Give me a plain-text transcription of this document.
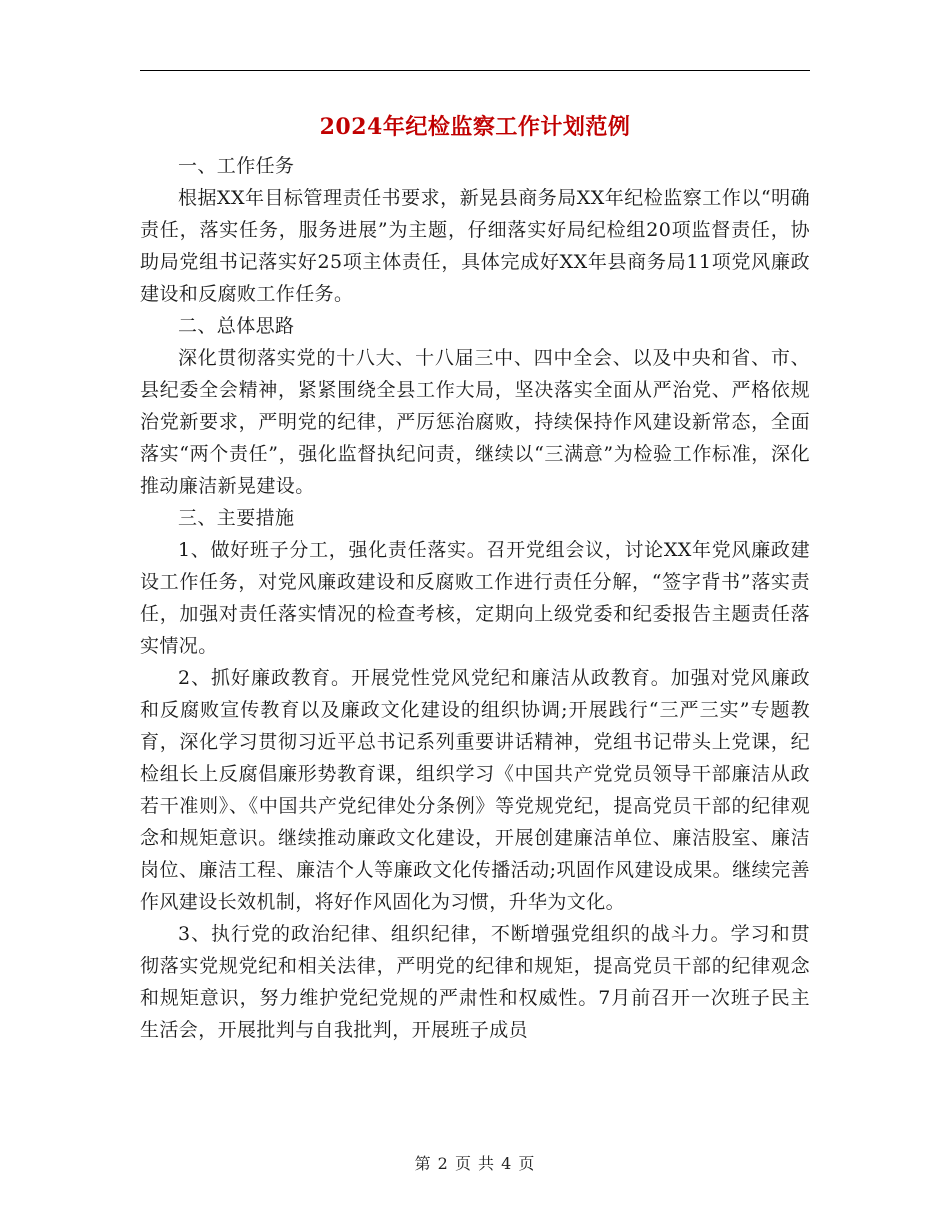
2024年纪检监察工作计划范例

一、工作任务

根据XX年目标管理责任书要求，新晃县商务局XX年纪检监察工作以“明确责任，落实任务，服务进展”为主题，仔细落实好局纪检组20项监督责任，协助局党组书记落实好25项主体责任，具体完成好XX年县商务局11项党风廉政建设和反腐败工作任务。

二、总体思路

深化贯彻落实党的十八大、十八届三中、四中全会、以及中央和省、市、县纪委全会精神，紧紧围绕全县工作大局，坚决落实全面从严治党、严格依规治党新要求，严明党的纪律，严厉惩治腐败，持续保持作风建设新常态，全面落实“两个责任”，强化监督执纪问责，继续以“三满意”为检验工作标准，深化推动廉洁新晃建设。

三、主要措施

1、做好班子分工，强化责任落实。召开党组会议，讨论XX年党风廉政建设工作任务，对党风廉政建设和反腐败工作进行责任分解，“签字背书”落实责任，加强对责任落实情况的检查考核，定期向上级党委和纪委报告主题责任落实情况。

2、抓好廉政教育。开展党性党风党纪和廉洁从政教育。加强对党风廉政和反腐败宣传教育以及廉政文化建设的组织协调;开展践行“三严三实”专题教育，深化学习贯彻习近平总书记系列重要讲话精神，党组书记带头上党课，纪检组长上反腐倡廉形势教育课，组织学习《中国共产党党员领导干部廉洁从政若干准则》、《中国共产党纪律处分条例》等党规党纪，提高党员干部的纪律观念和规矩意识。继续推动廉政文化建设，开展创建廉洁单位、廉洁股室、廉洁岗位、廉洁工程、廉洁个人等廉政文化传播活动;巩固作风建设成果。继续完善作风建设长效机制，将好作风固化为习惯，升华为文化。

3、执行党的政治纪律、组织纪律，不断增强党组织的战斗力。学习和贯彻落实党规党纪和相关法律，严明党的纪律和规矩，提高党员干部的纪律观念和规矩意识，努力维护党纪党规的严肃性和权威性。7月前召开一次班子民主生活会，开展批判与自我批判，开展班子成员

第 2 页 共 4 页
